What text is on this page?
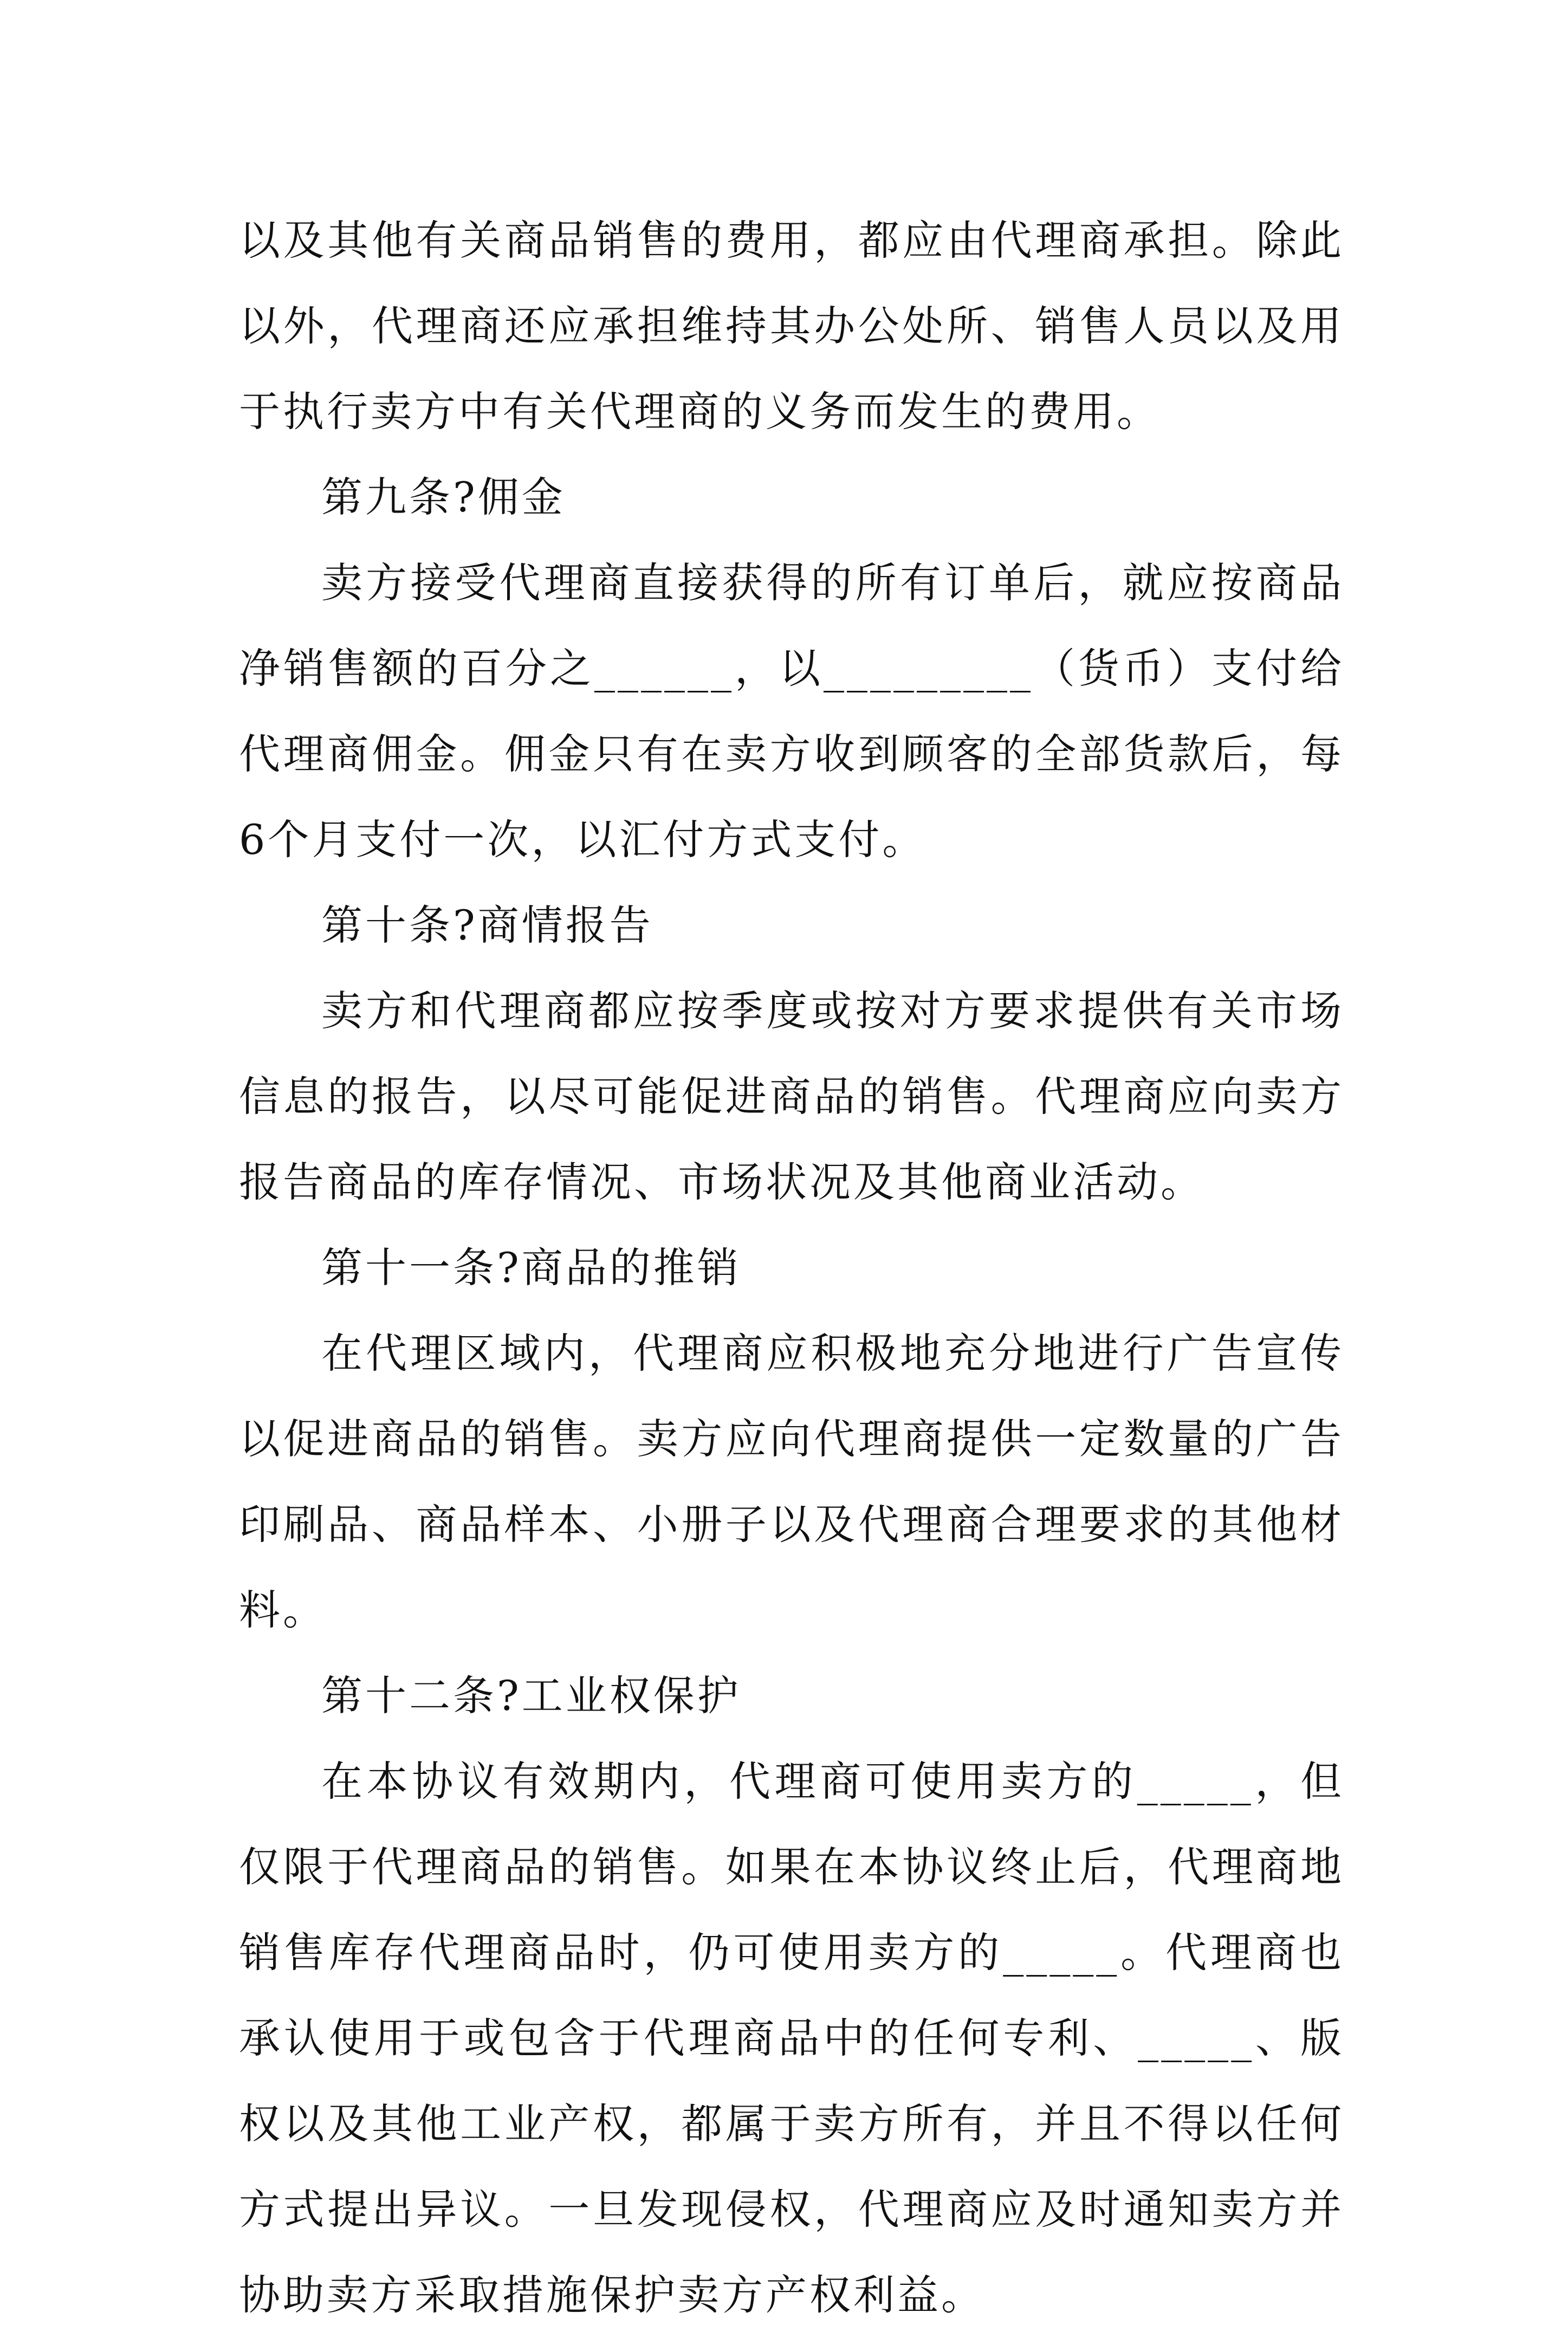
以及其他有关商品销售的费用，都应由代理商承担。除此以外，代理商还应承担维持其办公处所、销售人员以及用于执行卖方中有关代理商的义务而发生的费用。

第九条?佣金

卖方接受代理商直接获得的所有订单后，就应按商品净销售额的百分之______，以_________（货币）支付给代理商佣金。佣金只有在卖方收到顾客的全部货款后，每6个月支付一次，以汇付方式支付。

第十条?商情报告

卖方和代理商都应按季度或按对方要求提供有关市场信息的报告，以尽可能促进商品的销售。代理商应向卖方报告商品的库存情况、市场状况及其他商业活动。

第十一条?商品的推销

在代理区域内，代理商应积极地充分地进行广告宣传以促进商品的销售。卖方应向代理商提供一定数量的广告印刷品、商品样本、小册子以及代理商合理要求的其他材料。

第十二条?工业权保护

在本协议有效期内，代理商可使用卖方的_____，但仅限于代理商品的销售。如果在本协议终止后，代理商地销售库存代理商品时，仍可使用卖方的_____。代理商也承认使用于或包含于代理商品中的任何专利、_____、版权以及其他工业产权，都属于卖方所有，并且不得以任何方式提出异议。一旦发现侵权，代理商应及时通知卖方并协助卖方采取措施保护卖方产权利益。
